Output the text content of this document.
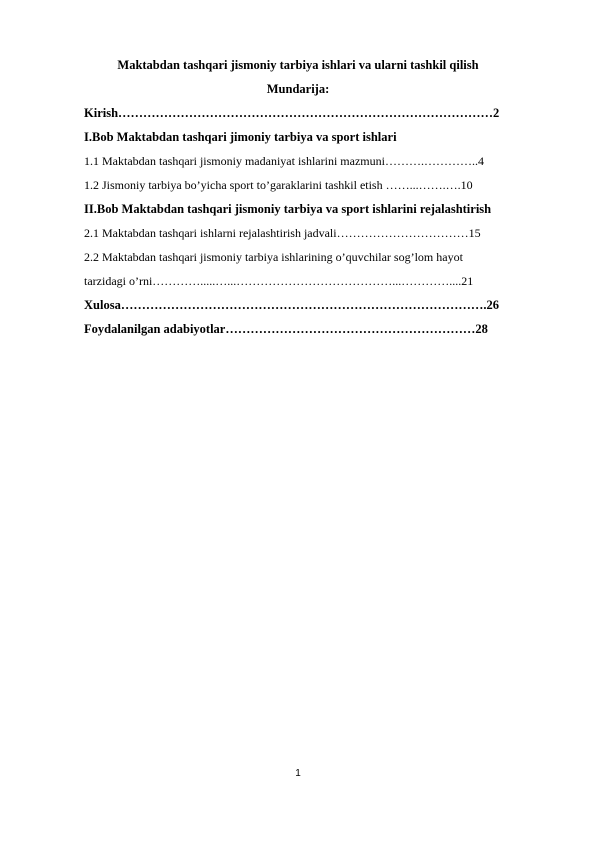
Maktabdan tashqari jismoniy tarbiya ishlari va ularni tashkil qilish
Mundarija:
Kirish………………………………………………………………………………2
I.Bob Maktabdan tashqari jimoniy tarbiya va sport ishlari
1.1 Maktabdan tashqari jismoniy madaniyat ishlarini mazmuni……….…………..4
1.2 Jismoniy tarbiya bo’yicha sport to’garaklarini tashkil etish ……...…….….10
II.Bob Maktabdan tashqari jismoniy tarbiya va sport ishlarini rejalashtirish
2.1 Maktabdan tashqari ishlarni rejalashtirish jadvali……………………………15
2.2 Maktabdan tashqari jismoniy tarbiya ishlarining o’quvchilar sog’lom hayot
tarzidagi o’rni………….....…...…………………………………...…………....21
Xulosa…………………………………………………………………………….26
Foydalanilgan adabiyotlar……………………………………………………28
1
